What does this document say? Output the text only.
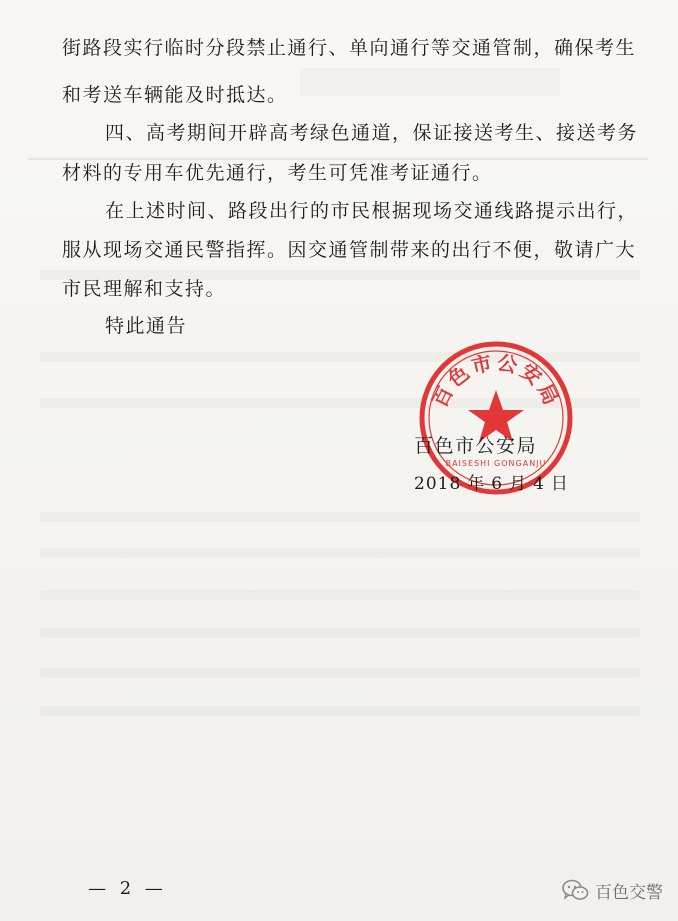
街路段实行临时分段禁止通行、单向通行等交通管制，确保考生
和考送车辆能及时抵达。
四、高考期间开辟高考绿色通道，保证接送考生、接送考务
材料的专用车优先通行，考生可凭准考证通行。
在上述时间、路段出行的市民根据现场交通线路提示出行，
服从现场交通民警指挥。因交通管制带来的出行不便，敬请广大
市民理解和支持。
特此通告
百色市公安局
BAISESHI GONGANJU
百色市公安局
2018 年 6 月 4 日
— 2 —	百色交警
